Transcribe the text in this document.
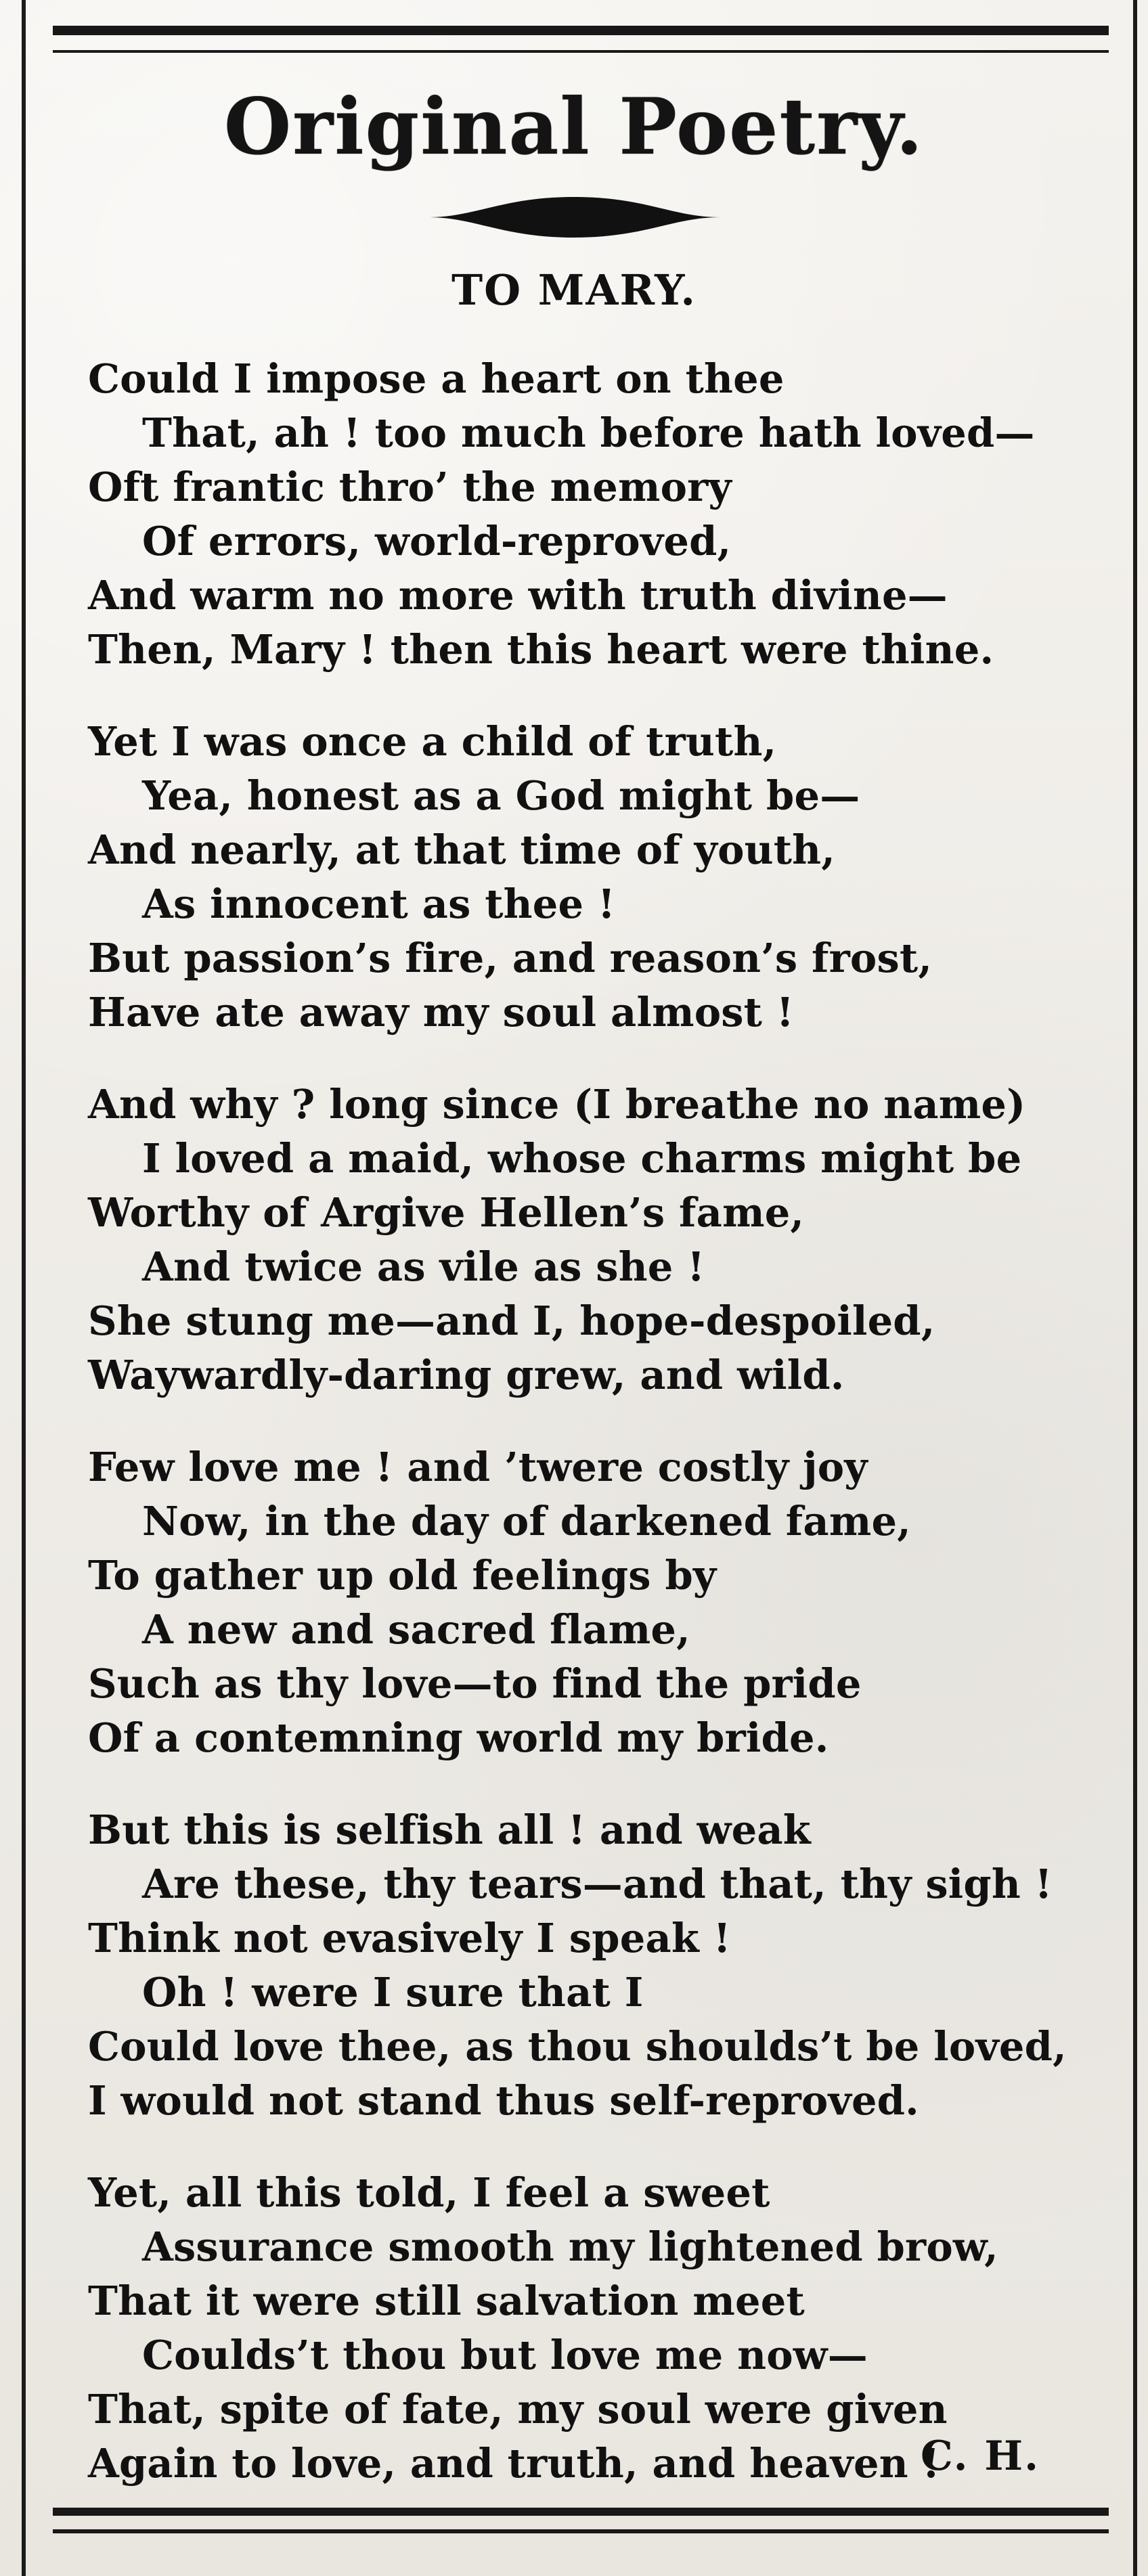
Original Poetry.
TO MARY.
Could I impose a heart on thee
That, ah ! too much before hath loved—
Oft frantic thro’ the memory
Of errors, world-reproved,
And warm no more with truth divine—
Then, Mary ! then this heart were thine.
Yet I was once a child of truth,
Yea, honest as a God might be—
And nearly, at that time of youth,
As innocent as thee !
But passion’s fire, and reason’s frost,
Have ate away my soul almost !
And why ? long since (I breathe no name)
I loved a maid, whose charms might be
Worthy of Argive Hellen’s fame,
And twice as vile as she !
She stung me—and I, hope-despoiled,
Waywardly-daring grew, and wild.
Few love me ! and ’twere costly joy
Now, in the day of darkened fame,
To gather up old feelings by
A new and sacred flame,
Such as thy love—to find the pride
Of a contemning world my bride.
But this is selfish all ! and weak
Are these, thy tears—and that, thy sigh !
Think not evasively I speak !
Oh ! were I sure that I
Could love thee, as thou shoulds’t be loved,
I would not stand thus self-reproved.
Yet, all this told, I feel a sweet
Assurance smooth my lightened brow,
That it were still salvation meet
Coulds’t thou but love me now—
That, spite of fate, my soul were given
Again to love, and truth, and heaven !
C. H.
